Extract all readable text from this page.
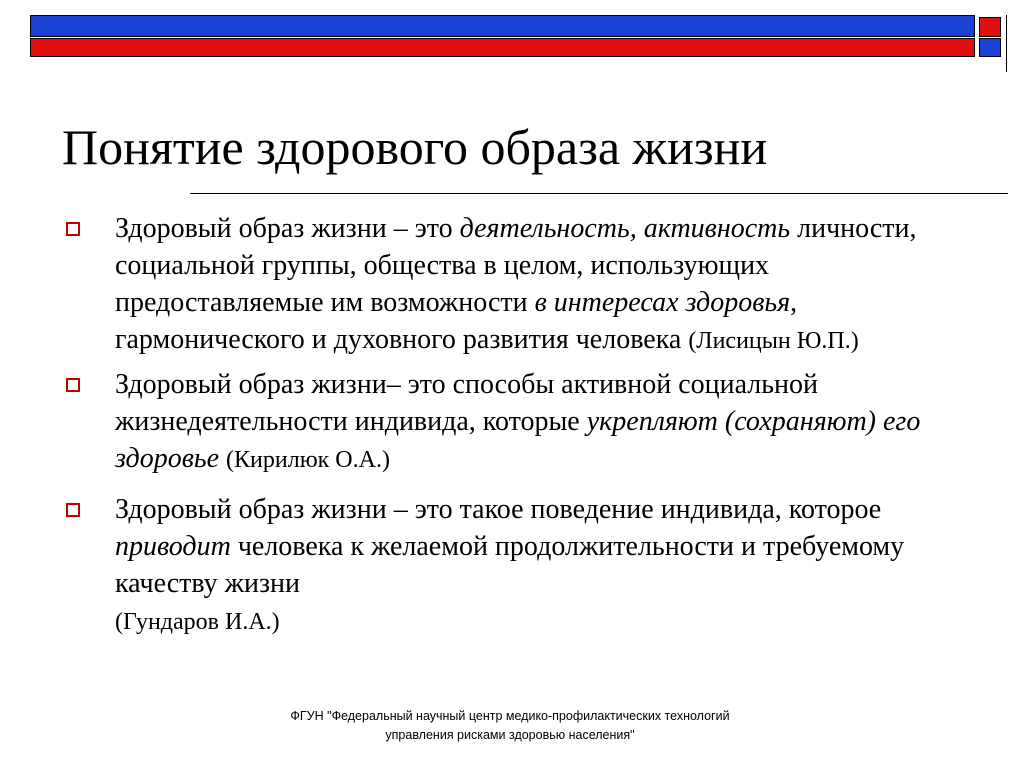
Понятие здорового образа жизни
Здоровый образ жизни – это деятельность, активность личности, социальной группы, общества в целом, использующих предоставляемые им возможности в интересах здоровья, гармонического и духовного развития человека (Лисицын Ю.П.)
Здоровый образ жизни– это способы активной социальной жизнедеятельности индивида, которые укрепляют (сохраняют) его здоровье (Кирилюк О.А.)
Здоровый образ жизни – это такое поведение индивида, которое приводит человека к желаемой продолжительности и требуемому качеству жизни
(Гундаров И.А.)
ФГУН "Федеральный научный центр медико-профилактических технологий
управления рисками здоровью населения"
